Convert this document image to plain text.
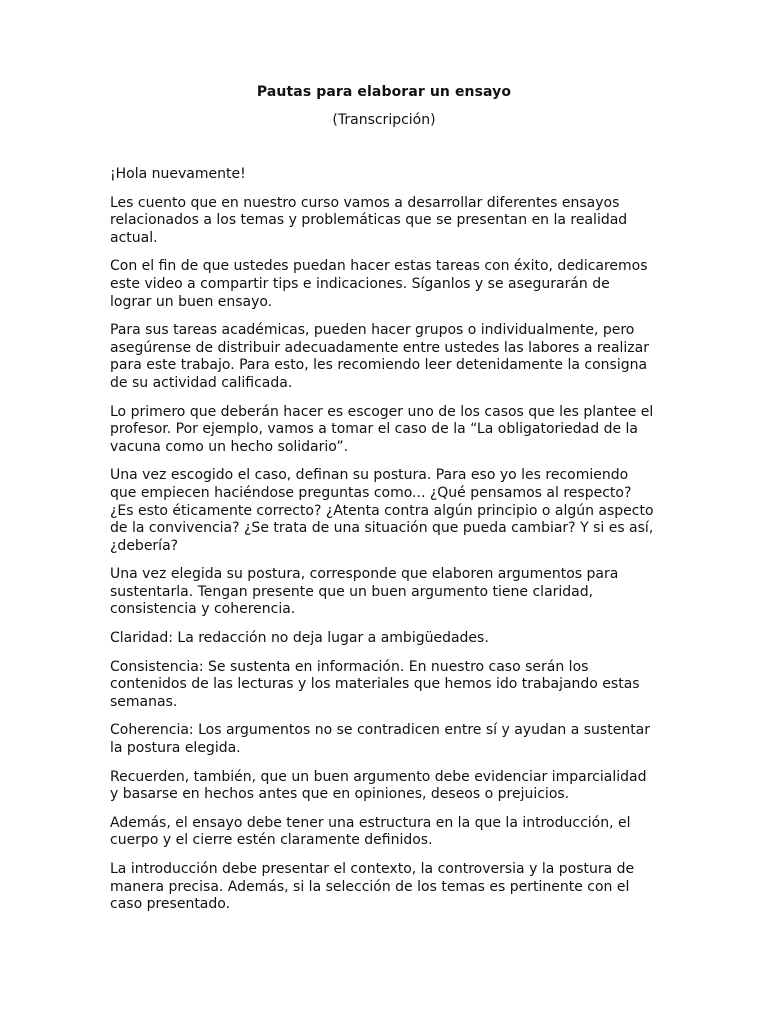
Pautas para elaborar un ensayo
(Transcripción)

¡Hola nuevamente!

Les cuento que en nuestro curso vamos a desarrollar diferentes ensayos relacionados a los temas y problemáticas que se presentan en la realidad actual.

Con el fin de que ustedes puedan hacer estas tareas con éxito, dedicaremos este video a compartir tips e indicaciones. Síganlos y se asegurarán de lograr un buen ensayo.

Para sus tareas académicas, pueden hacer grupos o individualmente, pero asegúrense de distribuir adecuadamente entre ustedes las labores a realizar para este trabajo. Para esto, les recomiendo leer detenidamente la consigna de su actividad calificada.

Lo primero que deberán hacer es escoger uno de los casos que les plantee el profesor. Por ejemplo, vamos a tomar el caso de la “La obligatoriedad de la vacuna como un hecho solidario”.

Una vez escogido el caso, definan su postura. Para eso yo les recomiendo que empiecen haciéndose preguntas como... ¿Qué pensamos al respecto? ¿Es esto éticamente correcto? ¿Atenta contra algún principio o algún aspecto de la convivencia? ¿Se trata de una situación que pueda cambiar? Y si es así, ¿debería?

Una vez elegida su postura, corresponde que elaboren argumentos para sustentarla. Tengan presente que un buen argumento tiene claridad, consistencia y coherencia.

Claridad: La redacción no deja lugar a ambigüedades.

Consistencia: Se sustenta en información. En nuestro caso serán los contenidos de las lecturas y los materiales que hemos ido trabajando estas semanas.

Coherencia: Los argumentos no se contradicen entre sí y ayudan a sustentar la postura elegida.

Recuerden, también, que un buen argumento debe evidenciar imparcialidad y basarse en hechos antes que en opiniones, deseos o prejuicios.

Además, el ensayo debe tener una estructura en la que la introducción, el cuerpo y el cierre estén claramente definidos.

La introducción debe presentar el contexto, la controversia y la postura de manera precisa. Además, si la selección de los temas es pertinente con el caso presentado.
